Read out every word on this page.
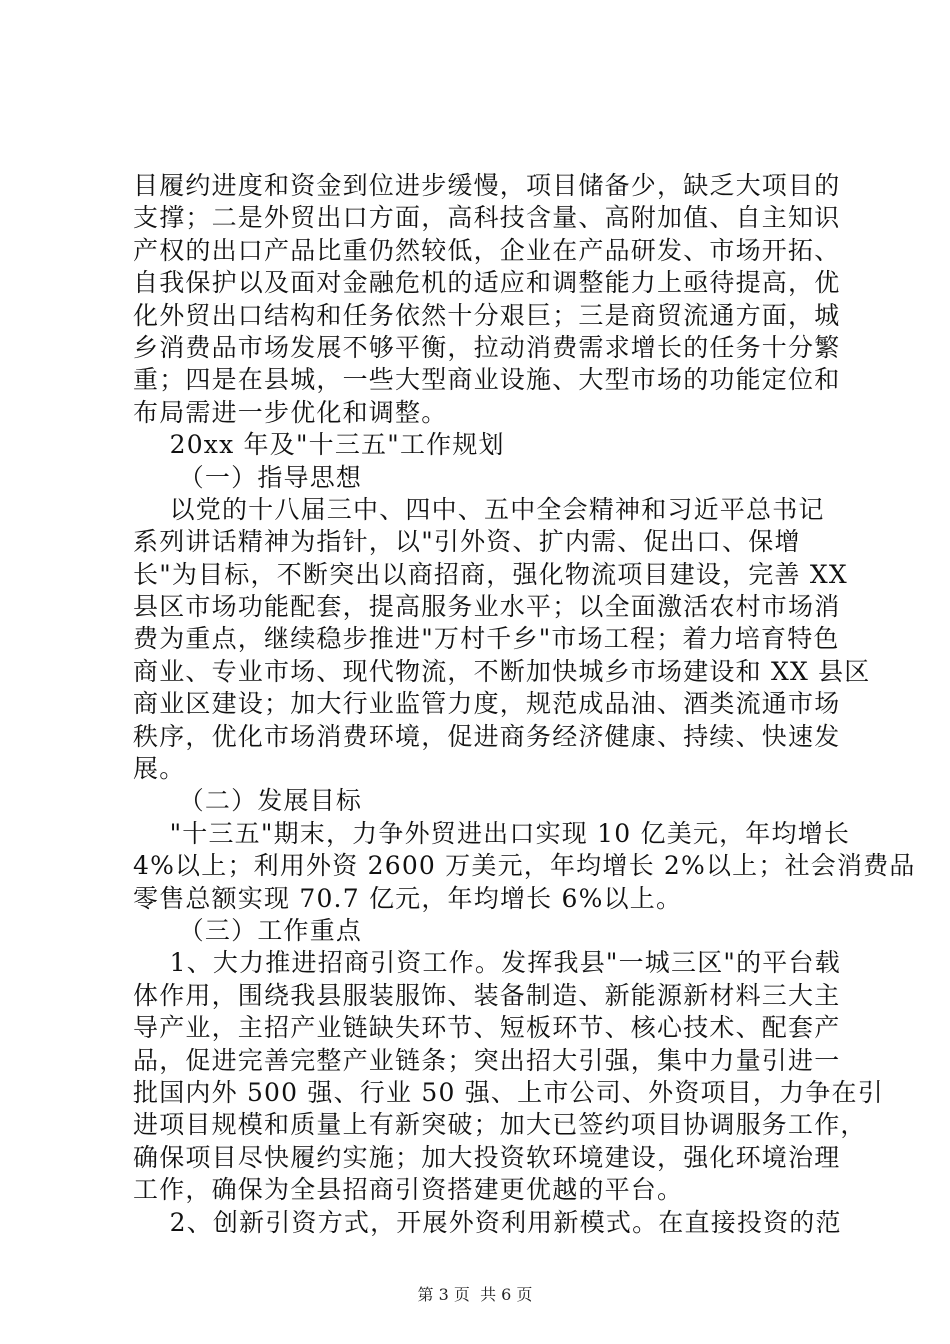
目履约进度和资金到位进步缓慢，项目储备少，缺乏大项目的
支撑；二是外贸出口方面，高科技含量、高附加值、自主知识
产权的出口产品比重仍然较低，企业在产品研发、市场开拓、
自我保护以及面对金融危机的适应和调整能力上亟待提高，优
化外贸出口结构和任务依然十分艰巨；三是商贸流通方面，城
乡消费品市场发展不够平衡，拉动消费需求增长的任务十分繁
重；四是在县城，一些大型商业设施、大型市场的功能定位和
布局需进一步优化和调整。
20xx 年及"十三五"工作规划
（一）指导思想
以党的十八届三中、四中、五中全会精神和习近平总书记
系列讲话精神为指针，以"引外资、扩内需、促出口、保增
长"为目标，不断突出以商招商，强化物流项目建设，完善 XX
县区市场功能配套，提高服务业水平；以全面激活农村市场消
费为重点，继续稳步推进"万村千乡"市场工程；着力培育特色
商业、专业市场、现代物流，不断加快城乡市场建设和 XX 县区
商业区建设；加大行业监管力度，规范成品油、酒类流通市场
秩序，优化市场消费环境，促进商务经济健康、持续、快速发
展。
（二）发展目标
"十三五"期末，力争外贸进出口实现 10 亿美元，年均增长
4%以上；利用外资 2600 万美元，年均增长 2%以上；社会消费品
零售总额实现 70.7 亿元，年均增长 6%以上。
（三）工作重点
1、大力推进招商引资工作。发挥我县"一城三区"的平台载
体作用，围绕我县服装服饰、装备制造、新能源新材料三大主
导产业，主招产业链缺失环节、短板环节、核心技术、配套产
品，促进完善完整产业链条；突出招大引强，集中力量引进一
批国内外 500 强、行业 50 强、上市公司、外资项目，力争在引
进项目规模和质量上有新突破；加大已签约项目协调服务工作，
确保项目尽快履约实施；加大投资软环境建设，强化环境治理
工作，确保为全县招商引资搭建更优越的平台。
2、创新引资方式，开展外资利用新模式。在直接投资的范
第 3 页  共 6 页
